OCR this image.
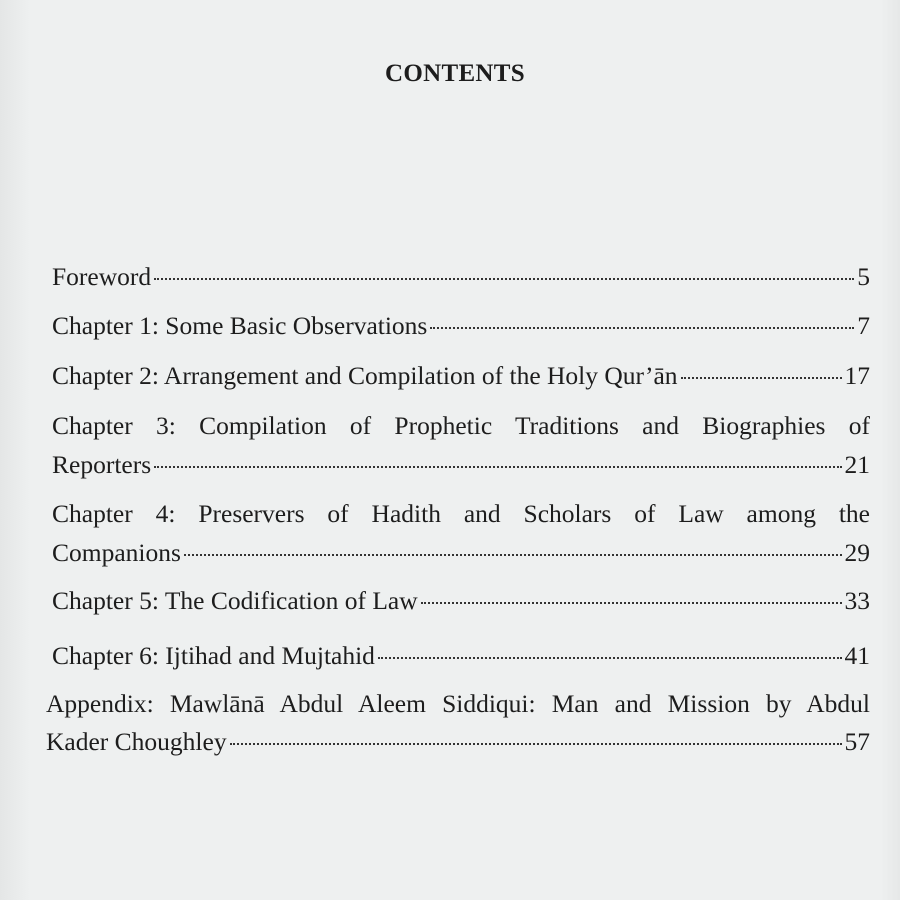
CONTENTS
Foreword	5
Chapter 1: Some Basic Observations	7
Chapter 2: Arrangement and Compilation of the Holy Qur’ān	17
Chapter 3: Compilation of Prophetic Traditions and Biographies of
Reporters	21
Chapter 4: Preservers of Hadith and Scholars of Law among the
Companions	29
Chapter 5: The Codification of Law	33
Chapter 6: Ijtihad and Mujtahid	41
Appendix: Mawlānā Abdul Aleem Siddiqui: Man and Mission by Abdul
Kader Choughley	57
